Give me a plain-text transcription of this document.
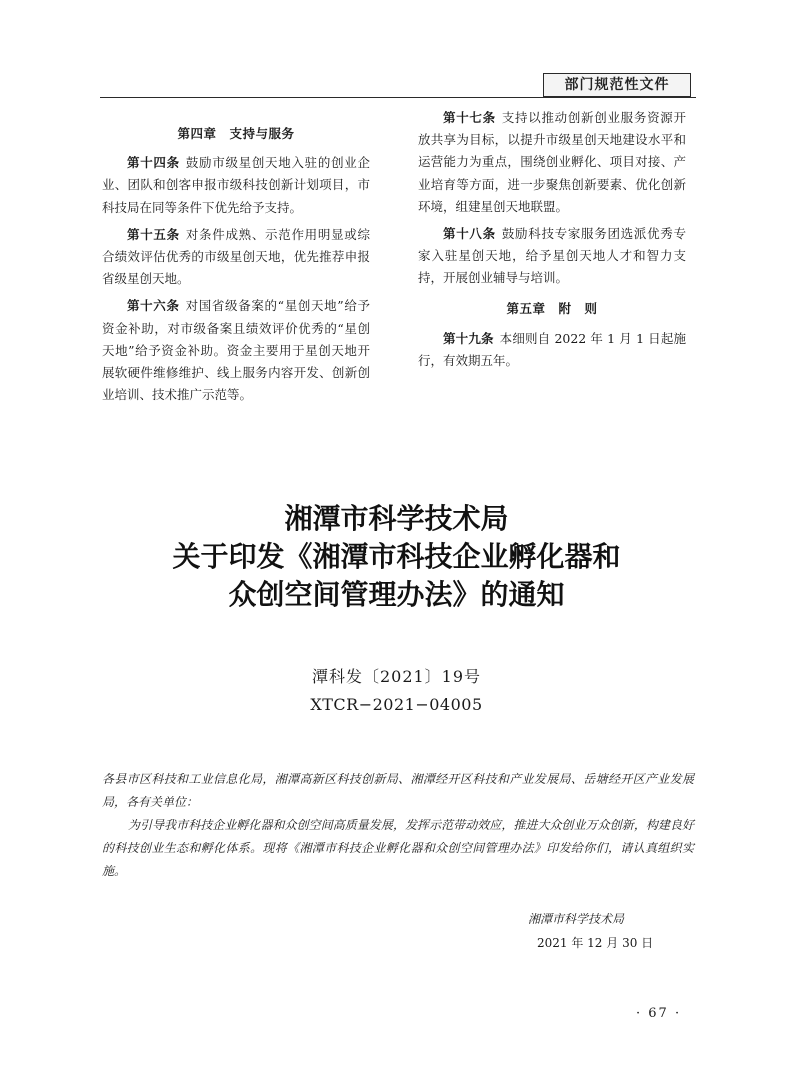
部门规范性文件
第四章　支持与服务

第十四条 鼓励市级星创天地入驻的创业企业、团队和创客申报市级科技创新计划项目，市科技局在同等条件下优先给予支持。

第十五条 对条件成熟、示范作用明显或综合绩效评估优秀的市级星创天地，优先推荐申报省级星创天地。

第十六条 对国省级备案的“星创天地”给予资金补助，对市级备案且绩效评价优秀的“星创天地”给予资金补助。资金主要用于星创天地开展软硬件维修维护、线上服务内容开发、创新创业培训、技术推广示范等。

第十七条 支持以推动创新创业服务资源开放共享为目标，以提升市级星创天地建设水平和运营能力为重点，围绕创业孵化、项目对接、产业培育等方面，进一步聚焦创新要素、优化创新环境，组建星创天地联盟。

第十八条 鼓励科技专家服务团选派优秀专家入驻星创天地，给予星创天地人才和智力支持，开展创业辅导与培训。

第五章　附　则

第十九条 本细则自 2022 年 1 月 1 日起施行，有效期五年。

湘潭市科学技术局
关于印发《湘潭市科技企业孵化器和
众创空间管理办法》的通知
潭科发〔2021〕19号
XTCR−2021−04005

各县市区科技和工业信息化局，湘潭高新区科技创新局、湘潭经开区科技和产业发展局、岳塘经开区产业发展局，各有关单位：

为引导我市科技企业孵化器和众创空间高质量发展，发挥示范带动效应，推进大众创业万众创新，构建良好的科技创业生态和孵化体系。现将《湘潭市科技企业孵化器和众创空间管理办法》印发给你们，请认真组织实施。

湘潭市科学技术局
2021 年 12 月 30 日
· 67 ·
